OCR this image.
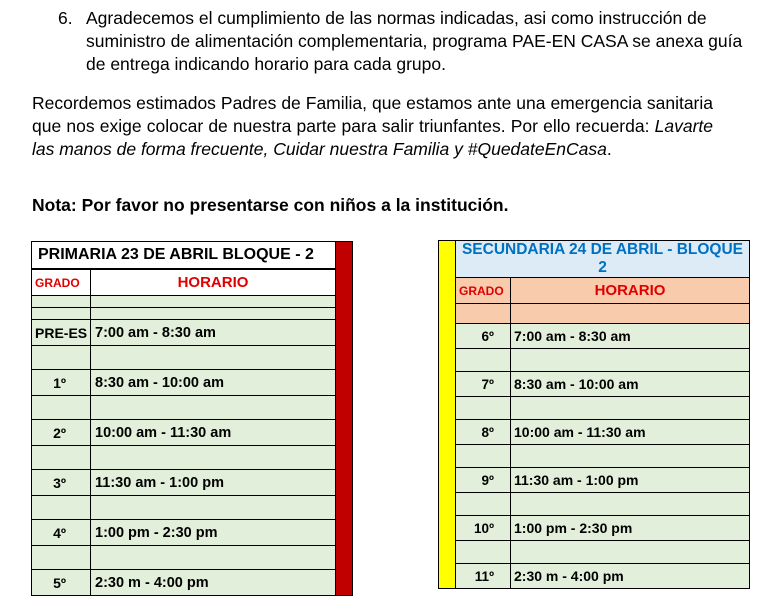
6. Agradecemos el cumplimiento de las normas indicadas, asi como instrucción de suministro de alimentación complementaria, programa PAE-EN CASA se anexa guía de entrega indicando horario para cada grupo.
Recordemos estimados Padres de Familia, que estamos ante una emergencia sanitaria que nos exige colocar de nuestra parte para salir triunfantes. Por ello recuerda: Lavarte las manos de forma frecuente, Cuidar nuestra Familia y #QuedateEnCasa.
Nota: Por favor no presentarse con niños a la institución.
PRIMARIA 23 DE ABRIL BLOQUE - 2		
GRADO	HORARIO	

PRE-ES	7:00 am - 8:30 am	

1º	8:30 am - 10:00 am	

2º	10:00 am - 11:30 am	

3º	11:30 am - 1:00 pm	

4º	1:00 pm - 2:30 pm	

5º	2:30 m - 4:00 pm	
	SECUNDARIA 24 DE ABRIL - BLOQUE 2	
	GRADO	HORARIO

	6º	7:00 am - 8:30 am

	7º	8:30 am - 10:00 am

	8º	10:00 am - 11:30 am

	9º	11:30 am - 1:00 pm

	10º	1:00 pm - 2:30 pm

	11º	2:30 m - 4:00 pm
